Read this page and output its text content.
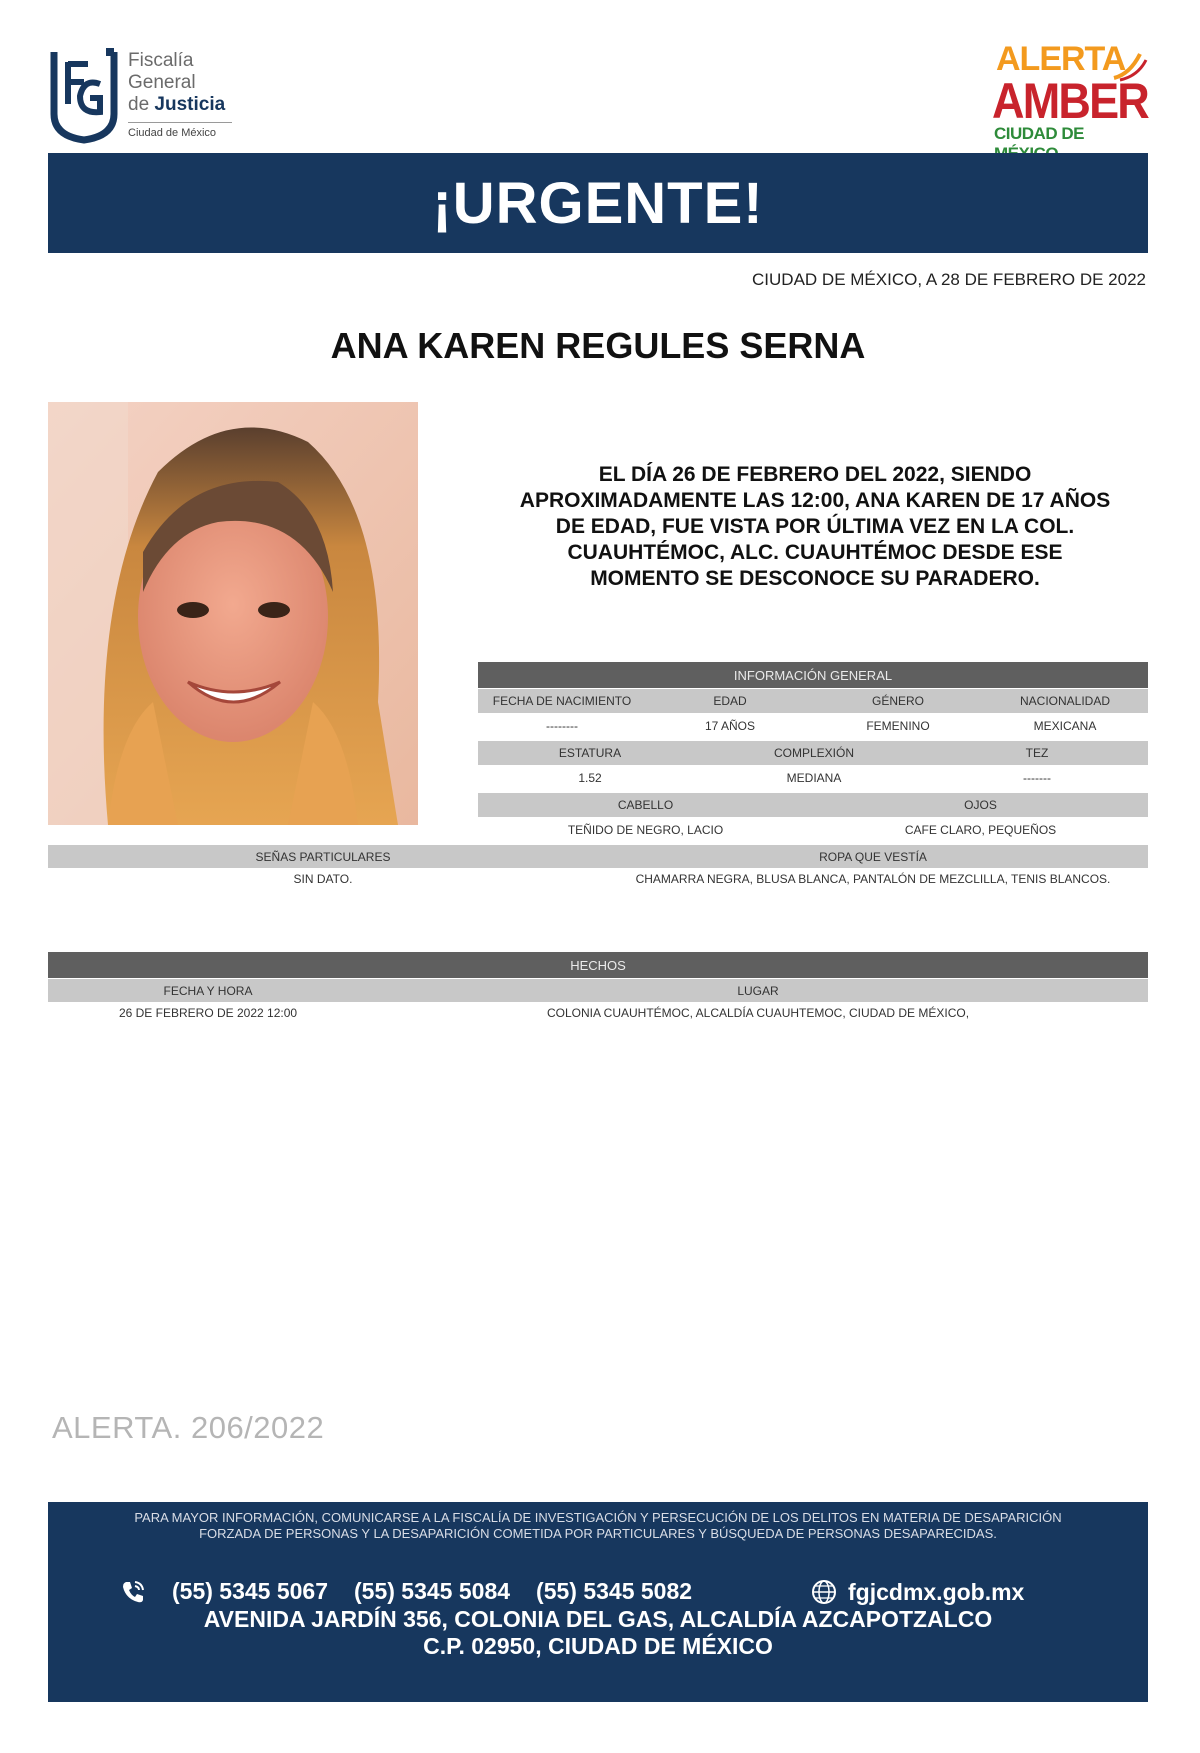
Fiscalía
General
de Justicia
Ciudad de México
ALERTA
AMBER
CIUDAD DE
¡URGENTE!
CIUDAD DE MÉXICO, A 28 DE FEBRERO DE 2022
ANA KAREN REGULES SERNA
EL DÍA 26 DE FEBRERO DEL 2022, SIENDO
APROXIMADAMENTE LAS 12:00, ANA KAREN DE 17 AÑOS
DE EDAD, FUE VISTA POR ÚLTIMA VEZ EN LA COL.
CUAUHTÉMOC, ALC. CUAUHTÉMOC DESDE ESE
MOMENTO SE DESCONOCE SU PARADERO.
INFORMACIÓN GENERAL
FECHA DE NACIMIENTO	EDAD	GÉNERO	NACIONALIDAD
--------	17 AÑOS	FEMENINO	MEXICANA
ESTATURA	COMPLEXIÓN	TEZ
1.52	MEDIANA	-------
CABELLO	OJOS
TEÑIDO DE NEGRO, LACIO	CAFE CLARO, PEQUEÑOS
SEÑAS PARTICULARES	ROPA QUE VESTÍA
SIN DATO.	CHAMARRA NEGRA, BLUSA BLANCA, PANTALÓN DE MEZCLILLA, TENIS BLANCOS.
HECHOS
FECHA Y HORA	LUGAR
26 DE FEBRERO DE 2022 12:00	COLONIA CUAUHTÉMOC, ALCALDÍA CUAUHTEMOC, CIUDAD DE MÉXICO,
ALERTA. 206/2022
PARA MAYOR INFORMACIÓN, COMUNICARSE A LA FISCALÍA DE INVESTIGACIÓN Y PERSECUCIÓN DE LOS DELITOS EN MATERIA DE DESAPARICIÓN
FORZADA DE PERSONAS Y LA DESAPARICIÓN COMETIDA POR PARTICULARES Y BÚSQUEDA DE PERSONAS DESAPARECIDAS.
(55) 5345 5067 (55) 5345 5084 (55) 5345 5082	fgjcdmx.gob.mx
AVENIDA JARDÍN 356, COLONIA DEL GAS, ALCALDÍA AZCAPOTZALCO
C.P. 02950, CIUDAD DE MÉXICO
